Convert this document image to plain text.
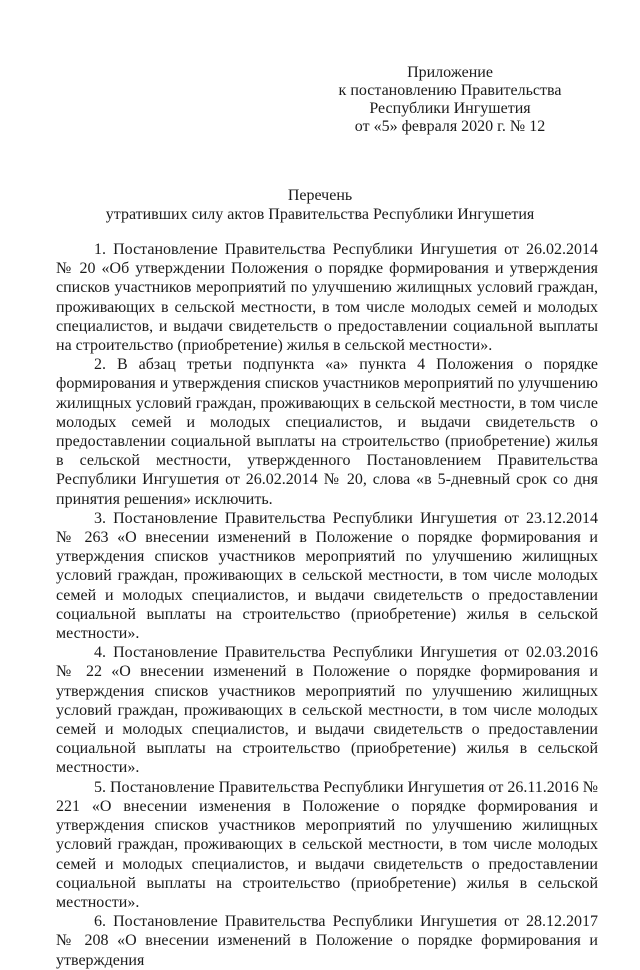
Приложение
к постановлению Правительства
Республики Ингушетия
от «5» февраля 2020 г. № 12
Перечень
утративших силу актов Правительства Республики Ингушетия

1. Постановление Правительства Республики Ингушетия от 26.02.2014 № 20 «Об утверждении Положения о порядке формирования и утверждения списков участников мероприятий по улучшению жилищных условий граждан, проживающих в сельской местности, в том числе молодых семей и молодых специалистов, и выдачи свидетельств о предоставлении социальной выплаты на строительство (приобретение) жилья в сельской местности».

2. В абзац третьи подпункта «а» пункта 4 Положения о порядке формирования и утверждения списков участников мероприятий по улучшению жилищных условий граждан, проживающих в сельской местности, в том числе молодых семей и молодых специалистов, и выдачи свидетельств о предоставлении социальной выплаты на строительство (приобретение) жилья в сельской местности, утвержденного Постановлением Правительства Республики Ингушетия от 26.02.2014 № 20, слова «в 5-дневный срок со дня принятия решения» исключить.

3. Постановление Правительства Республики Ингушетия от 23.12.2014 № 263 «О внесении изменений в Положение о порядке формирования и утверждения списков участников мероприятий по улучшению жилищных условий граждан, проживающих в сельской местности, в том числе молодых семей и молодых специалистов, и выдачи свидетельств о предоставлении социальной выплаты на строительство (приобретение) жилья в сельской местности».

4. Постановление Правительства Республики Ингушетия от 02.03.2016 № 22 «О внесении изменений в Положение о порядке формирования и утверждения списков участников мероприятий по улучшению жилищных условий граждан, проживающих в сельской местности, в том числе молодых семей и молодых специалистов, и выдачи свидетельств о предоставлении социальной выплаты на строительство (приобретение) жилья в сельской местности».

5. Постановление Правительства Республики Ингушетия от 26.11.2016 № 221 «О внесении изменения в Положение о порядке формирования и утверждения списков участников мероприятий по улучшению жилищных условий граждан, проживающих в сельской местности, в том числе молодых семей и молодых специалистов, и выдачи свидетельств о предоставлении социальной выплаты на строительство (приобретение) жилья в сельской местности».

6. Постановление Правительства Республики Ингушетия от 28.12.2017 № 208 «О внесении изменений в Положение о порядке формирования и утверждения
